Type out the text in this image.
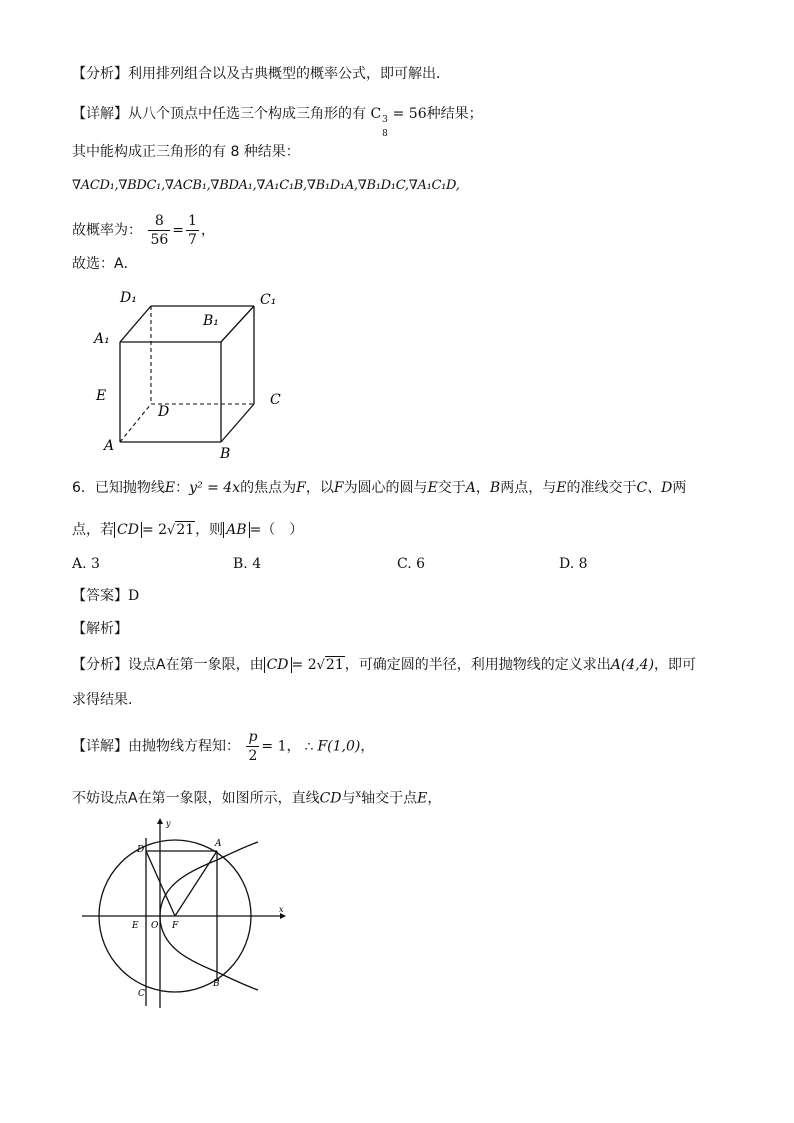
【分析】利用排列组合以及古典概型的概率公式，即可解出．
【详解】从八个顶点中任选三个构成三角形的有 C 3
8
= 56种结果；
其中能构成正三角形的有 8 种结果：
∇ACD₁,∇BDC₁,∇ACB₁,∇BDA₁,∇A₁C₁B,∇B₁D₁A,∇B₁D₁C,∇A₁C₁D,
故概率为： $\frac{8}{56} = \frac{1}{7}$ ，
故选：A．
D₁	C₁
B₁
A₁
E
D
C
A	B
6．已知抛物线E：y² = 4x的焦点为F，以F为圆心的圆与E交于A，B两点，与E的准线交于C、D两
点，若 CD = 2√21，则 AB =（　）
A. 3	B. 4	C. 6	D. 8
【答案】D
【解析】
【分析】设点A在第一象限，由 CD = 2√21，可确定圆的半径，利用抛物线的定义求出A(4,4)，即可
求得结果.
【详解】由抛物线方程知： $\frac{p}{2} = 1$， ∴ F(1,0)，
不妨设点A在第一象限，如图所示，直线CD与$^x$轴交于点E，
y
x
D
A
E O F
C
B
